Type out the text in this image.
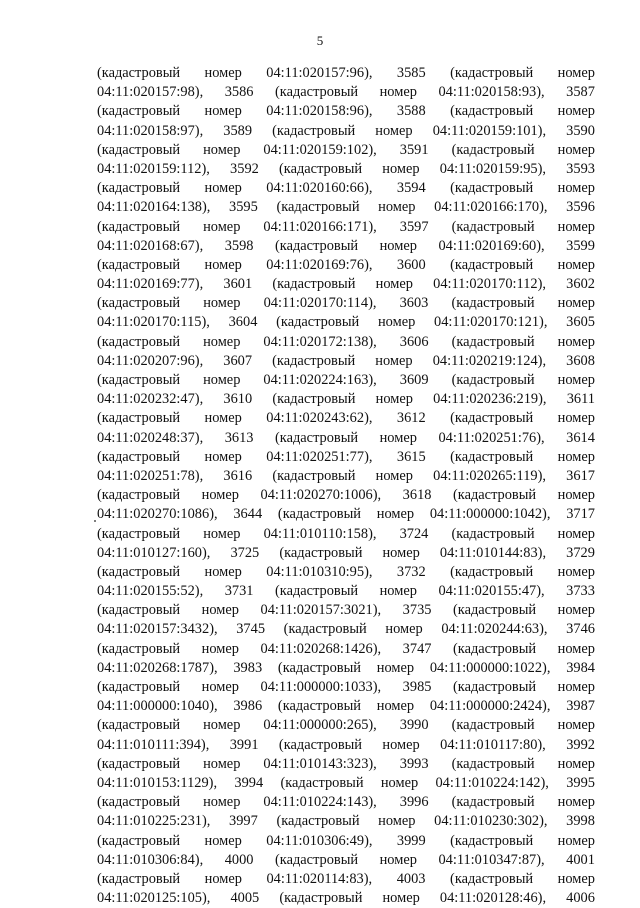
5
(кадастровый номер 04:11:020157:96), 3585 (кадастровый номер
04:11:020157:98), 3586 (кадастровый номер 04:11:020158:93), 3587
(кадастровый номер 04:11:020158:96), 3588 (кадастровый номер
04:11:020158:97), 3589 (кадастровый номер 04:11:020159:101), 3590
(кадастровый номер 04:11:020159:102), 3591 (кадастровый номер
04:11:020159:112), 3592 (кадастровый номер 04:11:020159:95), 3593
(кадастровый номер 04:11:020160:66), 3594 (кадастровый номер
04:11:020164:138), 3595 (кадастровый номер 04:11:020166:170), 3596
(кадастровый номер 04:11:020166:171), 3597 (кадастровый номер
04:11:020168:67), 3598 (кадастровый номер 04:11:020169:60), 3599
(кадастровый номер 04:11:020169:76), 3600 (кадастровый номер
04:11:020169:77), 3601 (кадастровый номер 04:11:020170:112), 3602
(кадастровый номер 04:11:020170:114), 3603 (кадастровый номер
04:11:020170:115), 3604 (кадастровый номер 04:11:020170:121), 3605
(кадастровый номер 04:11:020172:138), 3606 (кадастровый номер
04:11:020207:96), 3607 (кадастровый номер 04:11:020219:124), 3608
(кадастровый номер 04:11:020224:163), 3609 (кадастровый номер
04:11:020232:47), 3610 (кадастровый номер 04:11:020236:219), 3611
(кадастровый номер 04:11:020243:62), 3612 (кадастровый номер
04:11:020248:37), 3613 (кадастровый номер 04:11:020251:76), 3614
(кадастровый номер 04:11:020251:77), 3615 (кадастровый номер
04:11:020251:78), 3616 (кадастровый номер 04:11:020265:119), 3617
(кадастровый номер 04:11:020270:1006), 3618 (кадастровый номер
04:11:020270:1086), 3644 (кадастровый номер 04:11:000000:1042), 3717
(кадастровый номер 04:11:010110:158), 3724 (кадастровый номер
04:11:010127:160), 3725 (кадастровый номер 04:11:010144:83), 3729
(кадастровый номер 04:11:010310:95), 3732 (кадастровый номер
04:11:020155:52), 3731 (кадастровый номер 04:11:020155:47), 3733
(кадастровый номер 04:11:020157:3021), 3735 (кадастровый номер
04:11:020157:3432), 3745 (кадастровый номер 04:11:020244:63), 3746
(кадастровый номер 04:11:020268:1426), 3747 (кадастровый номер
04:11:020268:1787), 3983 (кадастровый номер 04:11:000000:1022), 3984
(кадастровый номер 04:11:000000:1033), 3985 (кадастровый номер
04:11:000000:1040), 3986 (кадастровый номер 04:11:000000:2424), 3987
(кадастровый номер 04:11:000000:265), 3990 (кадастровый номер
04:11:010111:394), 3991 (кадастровый номер 04:11:010117:80), 3992
(кадастровый номер 04:11:010143:323), 3993 (кадастровый номер
04:11:010153:1129), 3994 (кадастровый номер 04:11:010224:142), 3995
(кадастровый номер 04:11:010224:143), 3996 (кадастровый номер
04:11:010225:231), 3997 (кадастровый номер 04:11:010230:302), 3998
(кадастровый номер 04:11:010306:49), 3999 (кадастровый номер
04:11:010306:84), 4000 (кадастровый номер 04:11:010347:87), 4001
(кадастровый номер 04:11:020114:83), 4003 (кадастровый номер
04:11:020125:105), 4005 (кадастровый номер 04:11:020128:46), 4006
